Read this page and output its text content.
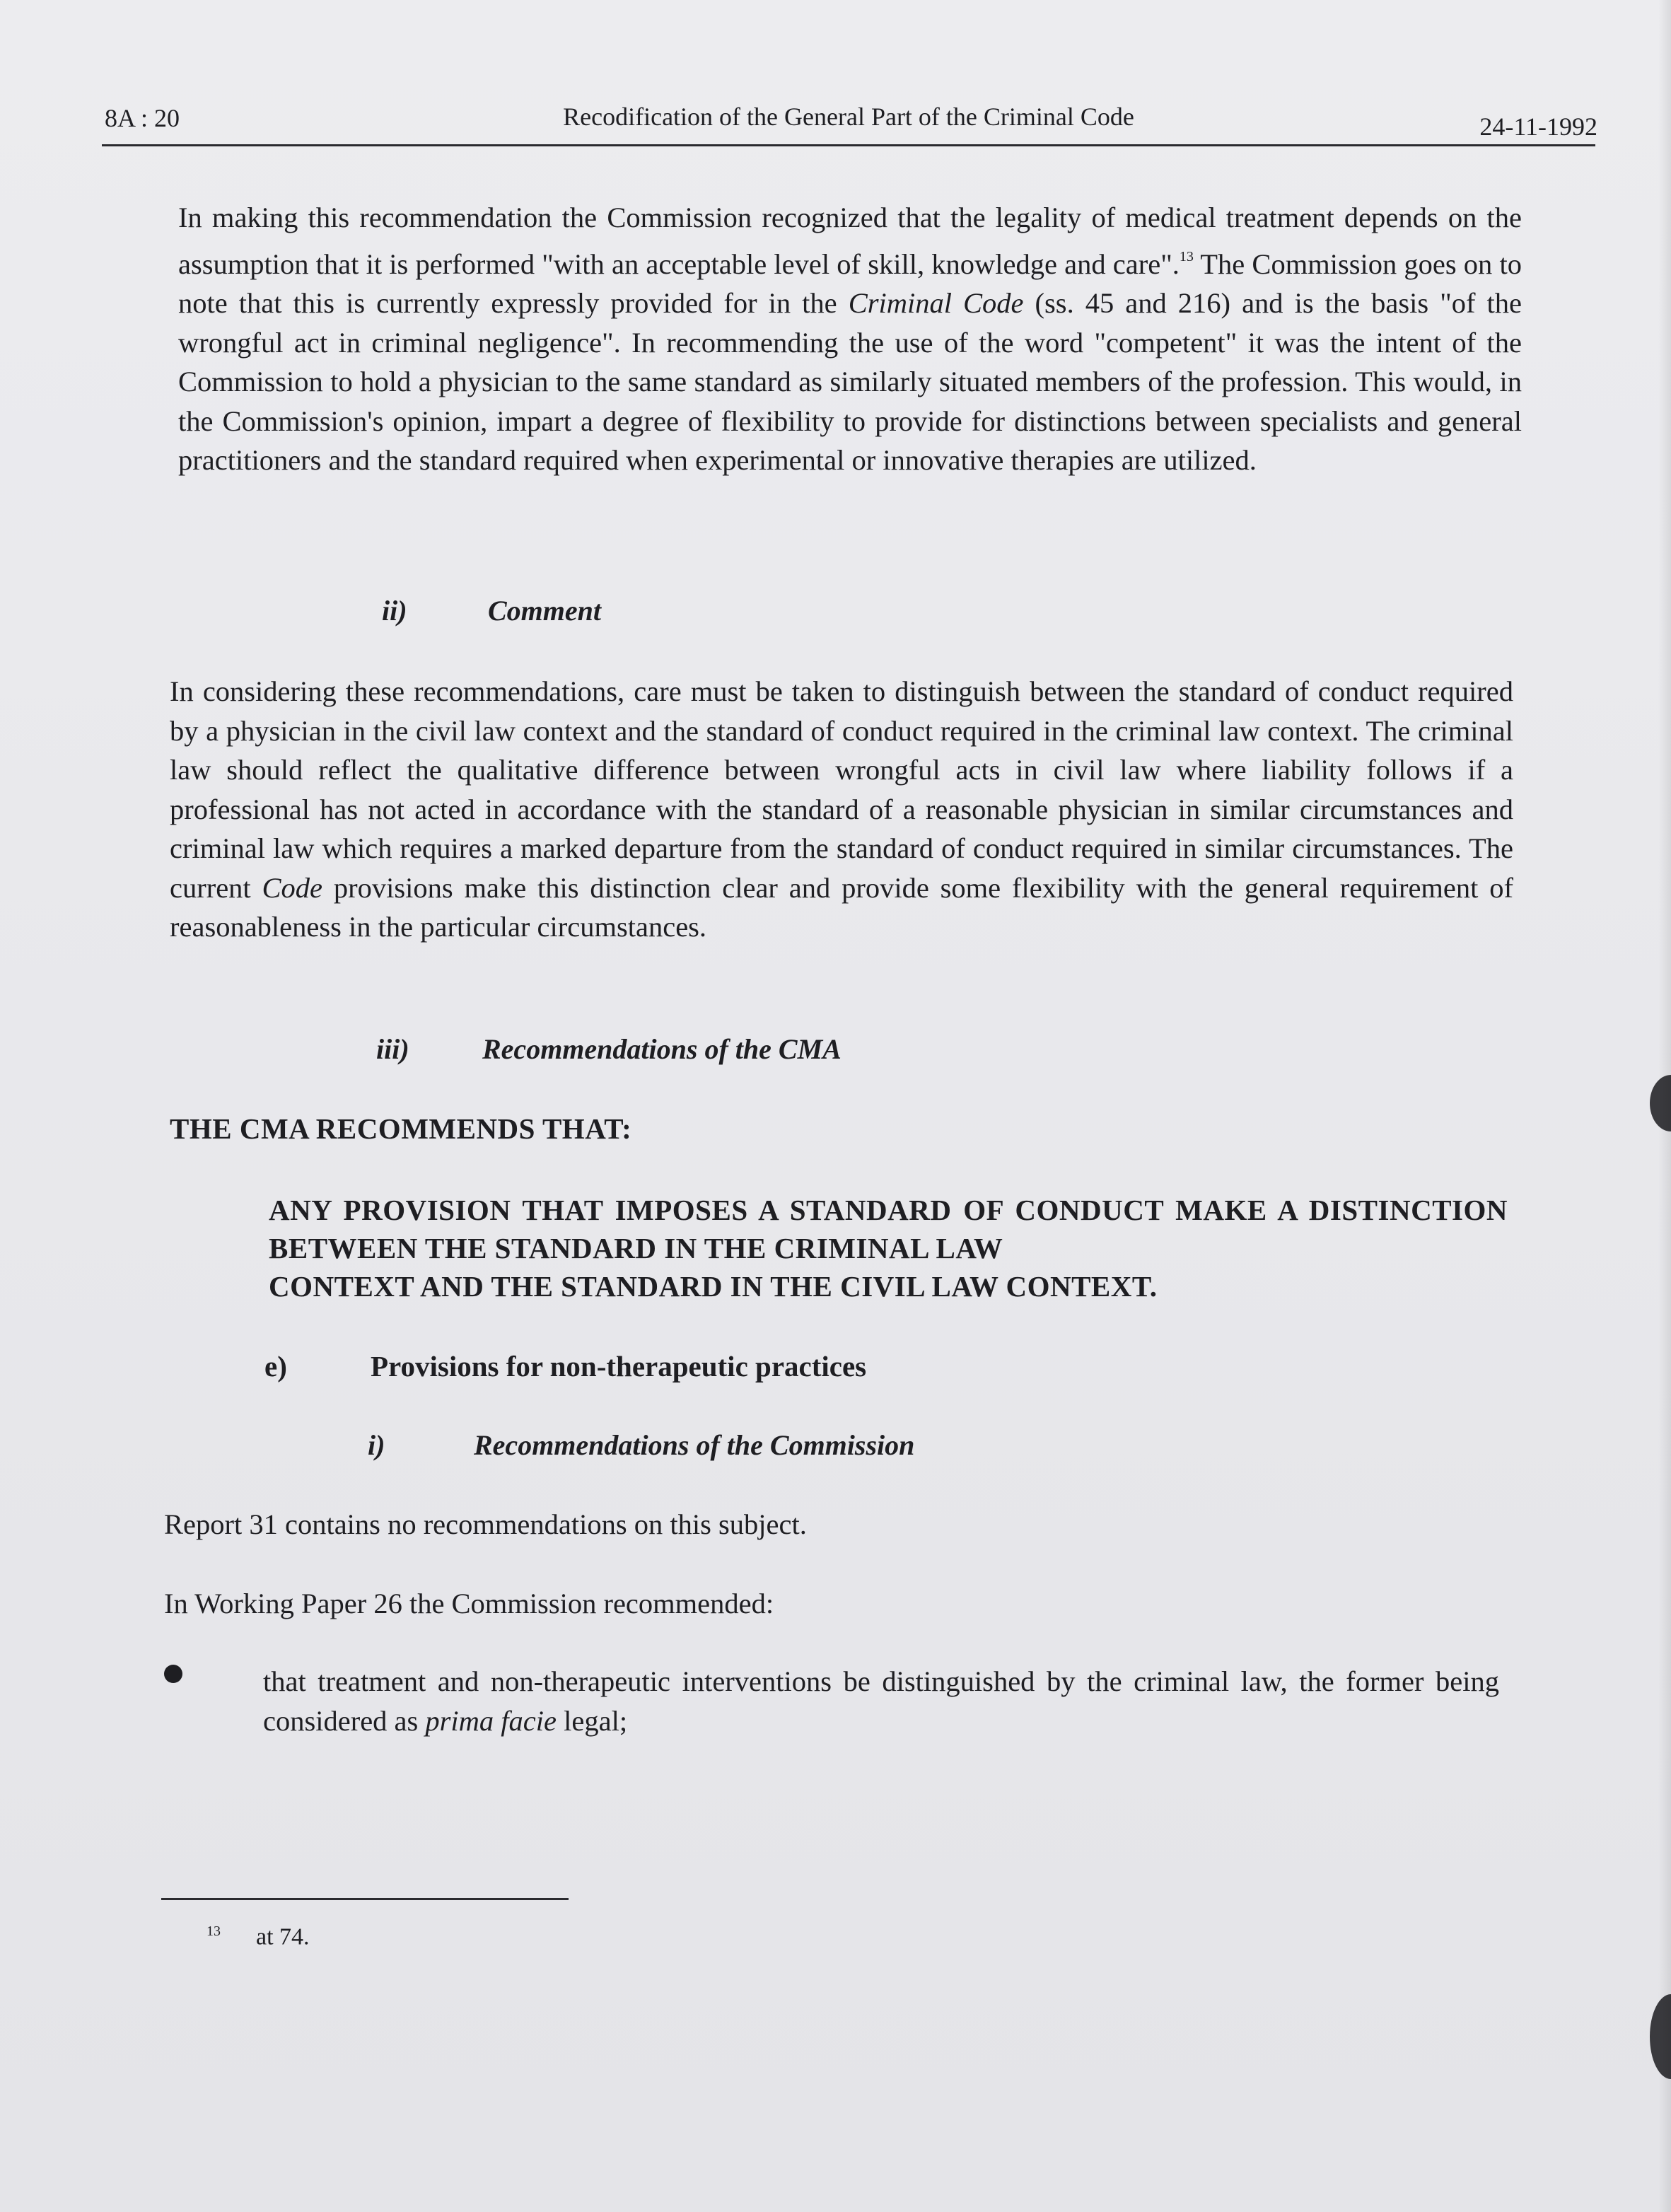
8A : 20	Recodification of the General Part of the Criminal Code	24-11-1992
In making this recommendation the Commission recognized that the legality of medical treatment depends on the assumption that it is performed "with an acceptable level of skill, knowledge and care".$^{13}$ The Commission goes on to note that this is currently expressly provided for in the Criminal Code (ss. 45 and 216) and is the basis "of the wrongful act in criminal negligence". In recommending the use of the word "competent" it was the intent of the Commission to hold a physician to the same standard as similarly situated members of the profession. This would, in the Commission's opinion, impart a degree of flexibility to provide for distinctions between specialists and general practitioners and the standard required when experimental or innovative therapies are utilized.
ii)	Comment
In considering these recommendations, care must be taken to distinguish between the standard of conduct required by a physician in the civil law context and the standard of conduct required in the criminal law context. The criminal law should reflect the qualitative difference between wrongful acts in civil law where liability follows if a professional has not acted in accordance with the standard of a reasonable physician in similar circumstances and criminal law which requires a marked departure from the standard of conduct required in similar circumstances. The current Code provisions make this distinction clear and provide some flexibility with the general requirement of reasonableness in the particular circumstances.
iii)	Recommendations of the CMA
THE CMA RECOMMENDS THAT:
ANY PROVISION THAT IMPOSES A STANDARD OF CONDUCT MAKE A DISTINCTION BETWEEN THE STANDARD IN THE CRIMINAL LAW
CONTEXT AND THE STANDARD IN THE CIVIL LAW CONTEXT.
e)	Provisions for non-therapeutic practices
i)	Recommendations of the Commission
Report 31 contains no recommendations on this subject.
In Working Paper 26 the Commission recommended:
that treatment and non-therapeutic interventions be distinguished by the criminal law, the former being considered as prima facie legal;
$^{13}$ at 74.
